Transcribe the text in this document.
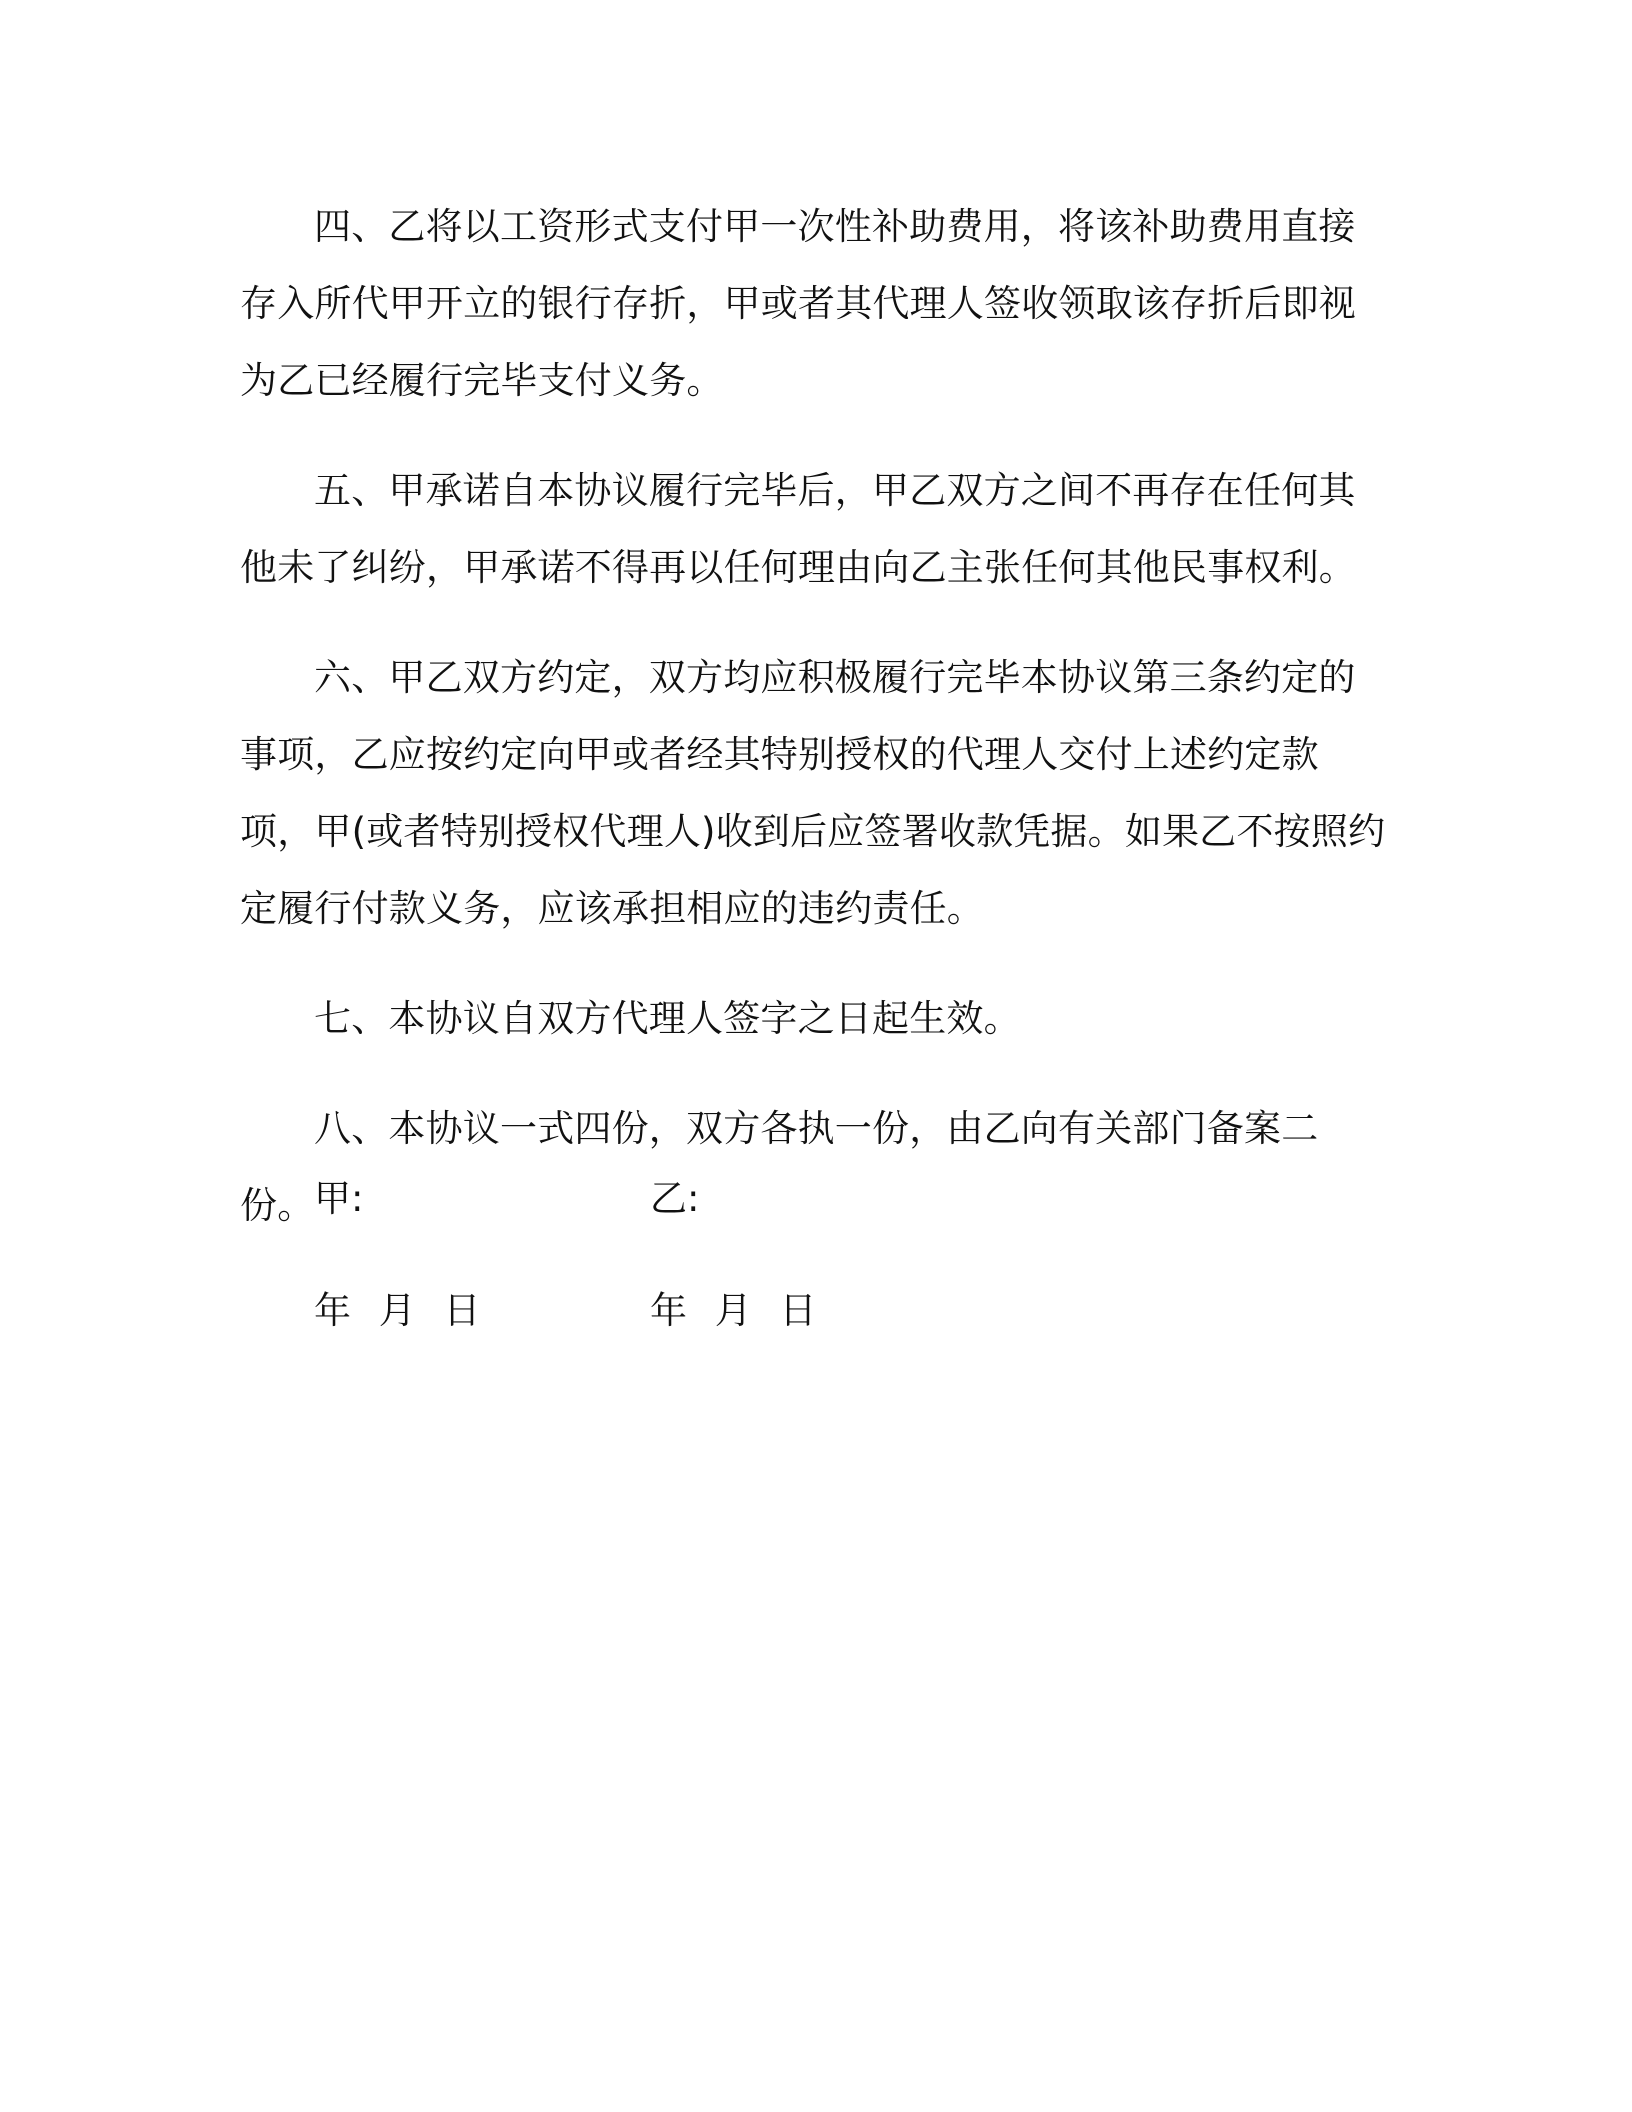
四、乙将以工资形式支付甲一次性补助费用，将该补助费用直接存入所代甲开立的银行存折，甲或者其代理人签收领取该存折后即视为乙已经履行完毕支付义务。

五、甲承诺自本协议履行完毕后，甲乙双方之间不再存在任何其他未了纠纷，甲承诺不得再以任何理由向乙主张任何其他民事权利。

六、甲乙双方约定，双方均应积极履行完毕本协议第三条约定的事项，乙应按约定向甲或者经其特别授权的代理人交付上述约定款项，甲(或者特别授权代理人)收到后应签署收款凭据。如果乙不按照约定履行付款义务，应该承担相应的违约责任。

七、本协议自双方代理人签字之日起生效。

八、本协议一式四份，双方各执一份，由乙向有关部门备案二份。 甲:	乙:
年 月 日	年 月 日
